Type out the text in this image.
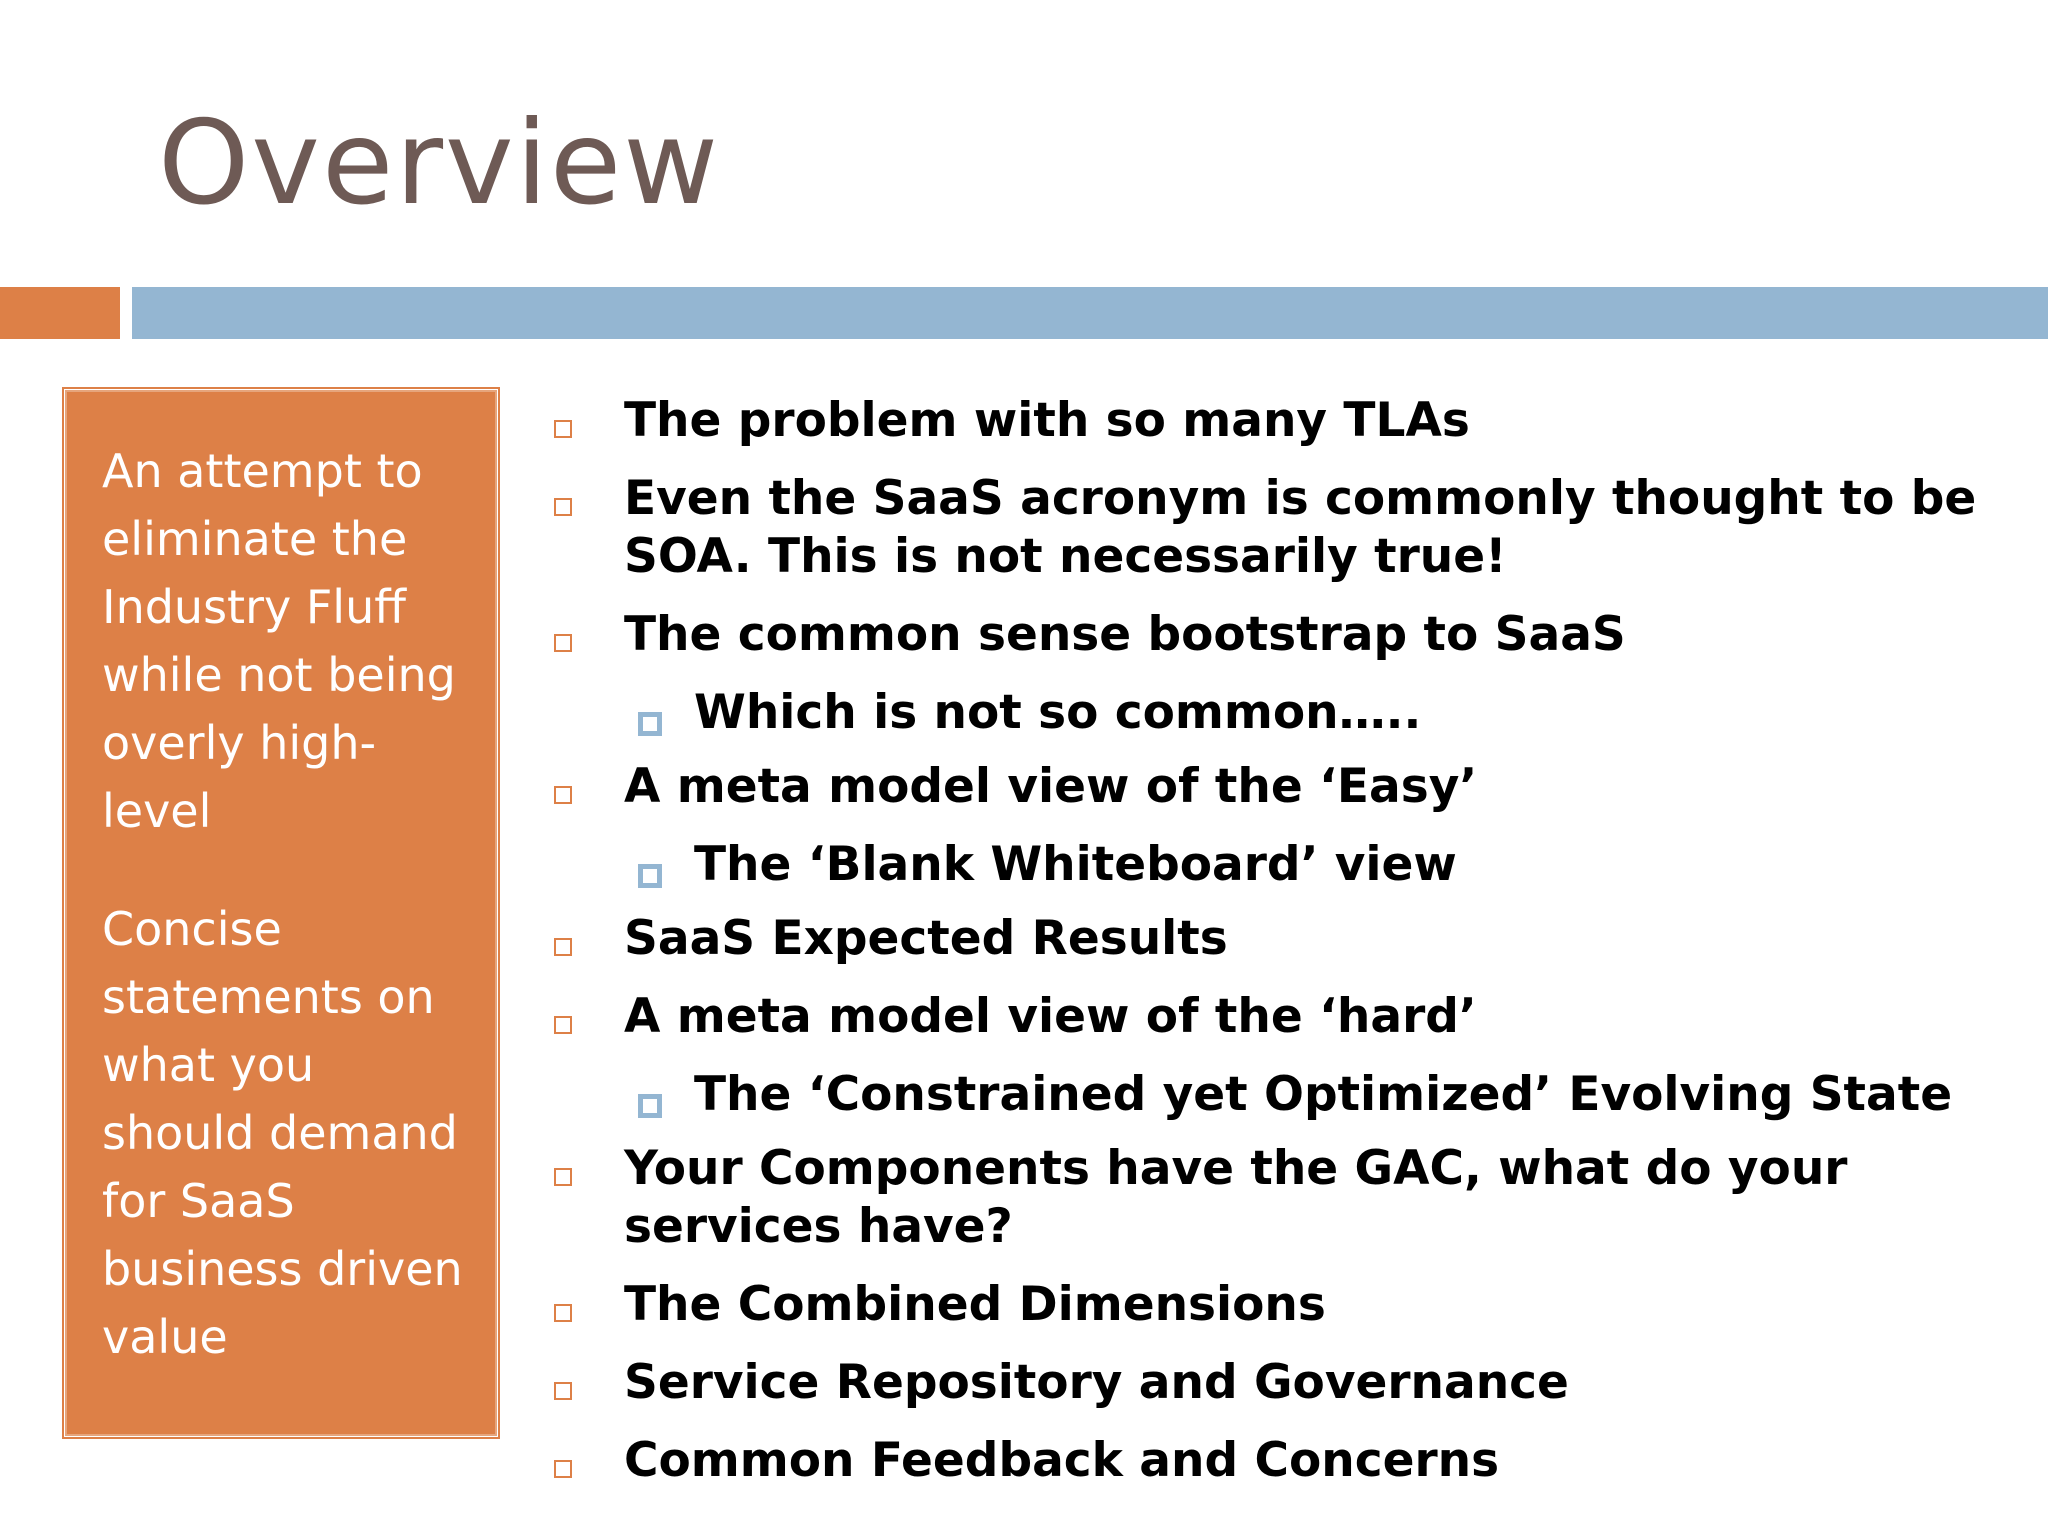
Overview

An attempt to eliminate the Industry Fluff while not being overly high-level

Concise statements on what you should demand for SaaS business driven value

The problem with so many TLAs
Even the SaaS acronym is commonly thought to be SOA. This is not necessarily true!
The common sense bootstrap to SaaS
Which is not so common…..
A meta model view of the ‘Easy’
The ‘Blank Whiteboard’ view
SaaS Expected Results
A meta model view of the ‘hard’
The ‘Constrained yet Optimized’ Evolving State
Your Components have the GAC, what do your services have?
The Combined Dimensions
Service Repository and Governance
Common Feedback and Concerns
